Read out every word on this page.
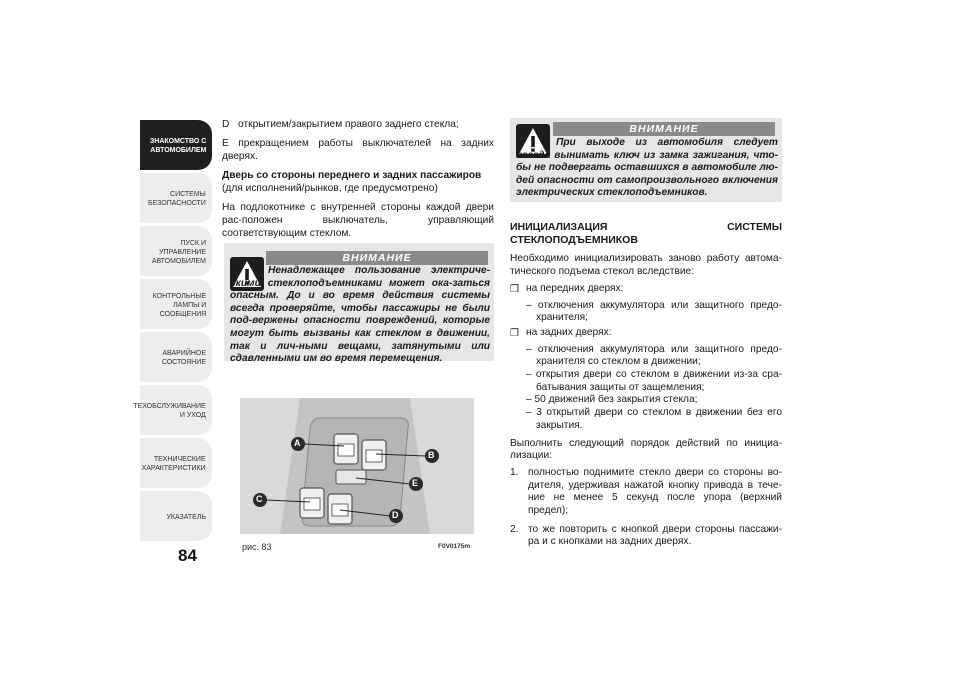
ЗНАКОМСТВО С
АВТОМОБИЛЕМ
СИСТЕМЫ
БЕЗОПАСНОСТИ
ПУСК И УПРАВЛЕНИЕ
АВТОМОБИЛЕМ
КОНТРОЛЬНЫЕ
ЛАМПЫ И
СООБЩЕНИЯ
АВАРИЙНОЕ
СОСТОЯНИЕ
ТЕХОБСЛУЖИВАНИЕ
И УХОД
ТЕХНИЧЕСКИЕ
ХАРАКТЕРИСТИКИ
УКАЗАТЕЛЬ
84

D открытием/закрытием правого заднего стекла;

E прекращением работы выключателей на задних дверях.

Дверь со стороны переднего и задних пассажиров

(для исполнений/рынков, где предусмотрено)

На подлокотнике с внутренней стороны каждой двери рас-положен выключатель, управляющий соответствующим стеклом.

ВНИМАНИЕ
Ненадлежащее пользование электриче-скими стеклоподъемниками может ока-заться опасным. До и во время действия системы всегда проверяйте, чтобы пассажиры не были под-вержены опасности повреждений, которые могут быть вызваны как стеклом в движении, так и лич-ными вещами, затянутыми или сдавленными им во время перемещения.
A
B
C
D
E
рис. 83	F0V0175m
ВНИМАНИЕ
При выходе из автомобиля следует всегда вынимать ключ из замка зажигания, что-бы не подвергать оставшихся в автомобиле лю-дей опасности от самопроизвольного включения электрических стеклоподъемников.

ИНИЦИАЛИЗАЦИЯ СИСТЕМЫ СТЕКЛОПОДЪЕМНИКОВ

Необходимо инициализировать заново работу автома-тического подъема стекол вследствие:

❐ на передних дверях:

– отключения аккумулятора или защитного предо-хранителя;

❐ на задних дверях:

– отключения аккумулятора или защитного предо-хранителя со стеклом в движении;

– открытия двери со стеклом в движении из-за сра-батывания защиты от защемления;

– 50 движений без закрытия стекла;

– 3 открытий двери со стеклом в движении без его закрытия.

Выполнить следующий порядок действий по инициа-лизации:

1. полностью поднимите стекло двери со стороны во-дителя, удерживая нажатой кнопку привода в тече-ние не менее 5 секунд после упора (верхний предел);

2. то же повторить с кнопкой двери стороны пассажи-ра и с кнопками на задних дверях.
